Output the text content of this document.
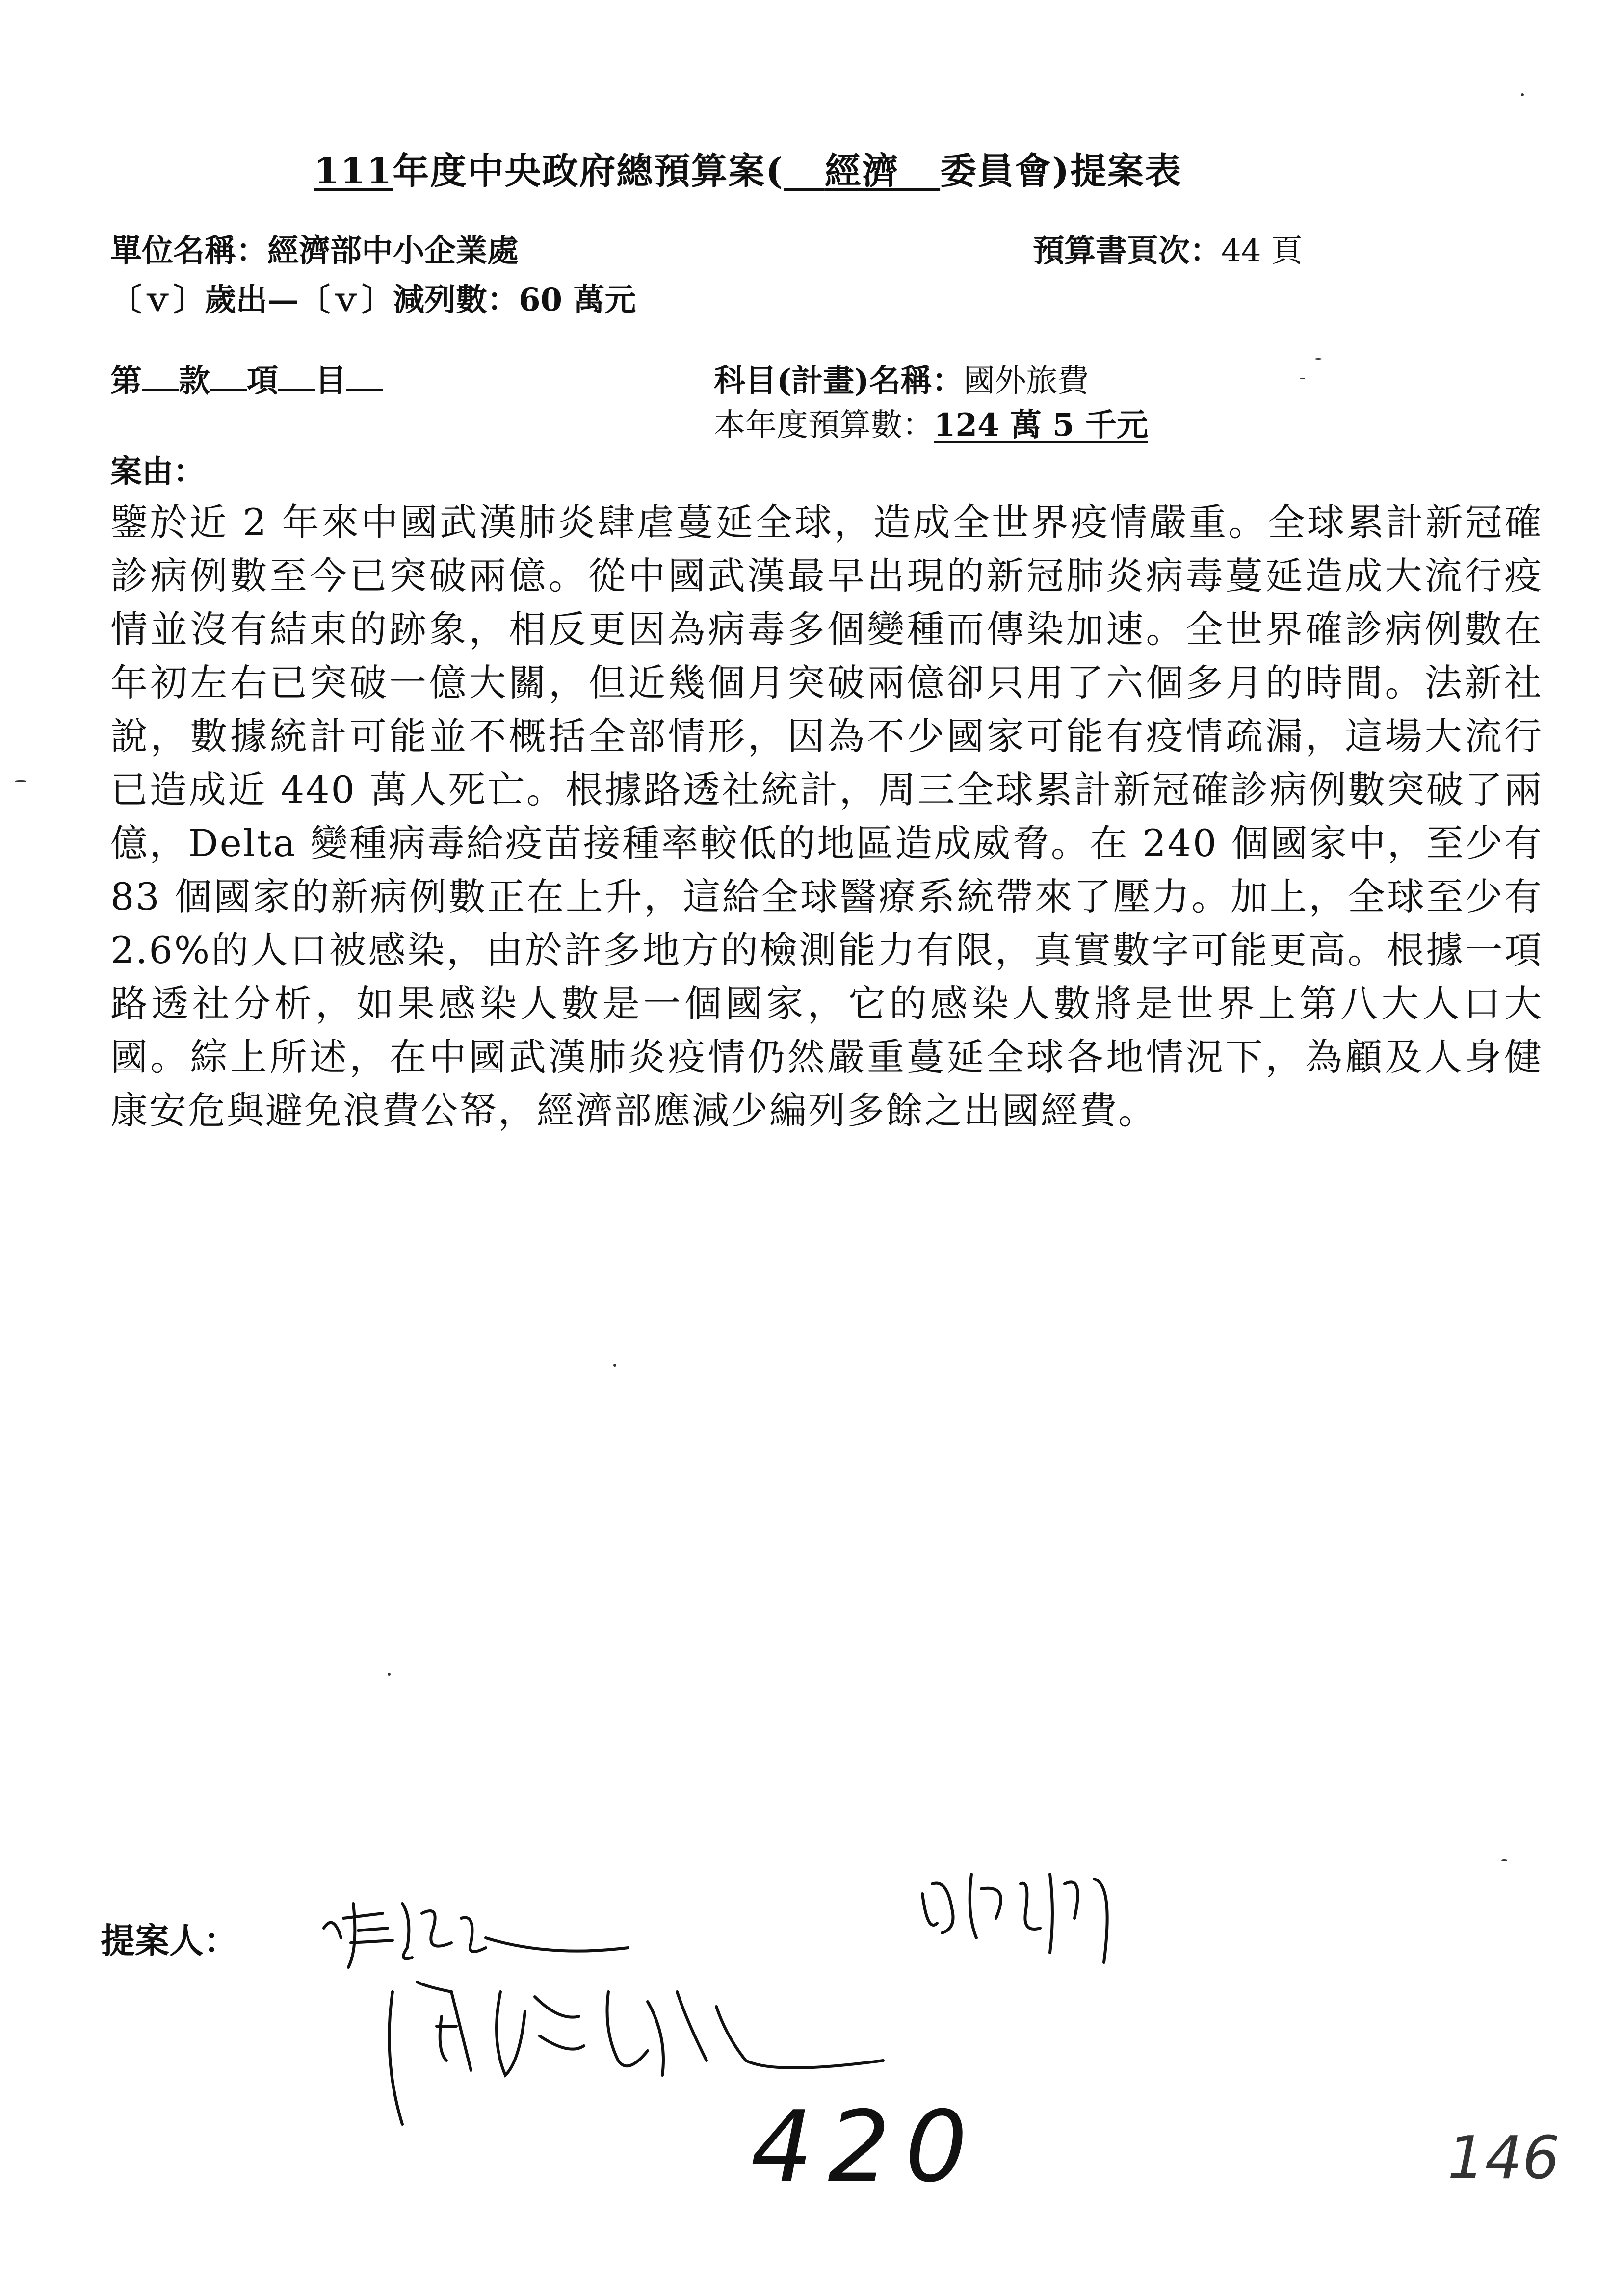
111年度中央政府總預算案( 經濟 委員會)提案表
單位名稱：經濟部中小企業處	預算書頁次：44 頁
〔ｖ〕歲出—〔ｖ〕減列數：60 萬元
第 款 項 目	科目(計畫)名稱：國外旅費
本年度預算數：124 萬 5 千元
案由：
鑒於近 2 年來中國武漢肺炎肆虐蔓延全球，造成全世界疫情嚴重。全球累計新冠確診病例數至今已突破兩億。從中國武漢最早出現的新冠肺炎病毒蔓延造成大流行疫情並沒有結束的跡象，相反更因為病毒多個變種而傳染加速。全世界確診病例數在年初左右已突破一億大關，但近幾個月突破兩億卻只用了六個多月的時間。法新社說，數據統計可能並不概括全部情形，因為不少國家可能有疫情疏漏，這場大流行已造成近 440 萬人死亡。根據路透社統計，周三全球累計新冠確診病例數突破了兩億，Delta 變種病毒給疫苗接種率較低的地區造成威脅。在 240 個國家中，至少有 83 個國家的新病例數正在上升，這給全球醫療系統帶來了壓力。加上，全球至少有 2.6%的人口被感染，由於許多地方的檢測能力有限，真實數字可能更高。根據一項路透社分析，如果感染人數是一個國家，它的感染人數將是世界上第八大人口大國。綜上所述，在中國武漢肺炎疫情仍然嚴重蔓延全球各地情況下，為顧及人身健康安危與避免浪費公帑，經濟部應減少編列多餘之出國經費。
提案人：
420	146
